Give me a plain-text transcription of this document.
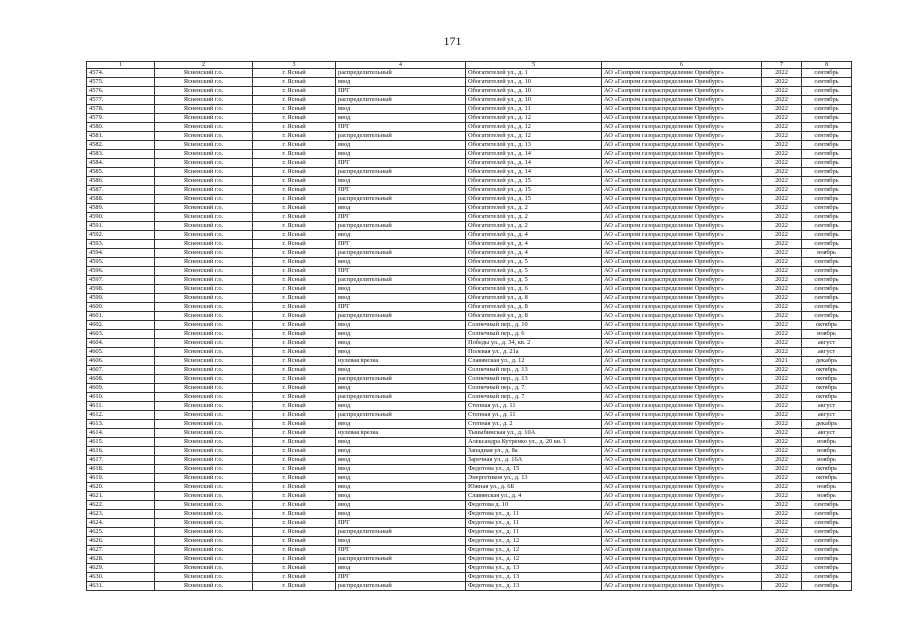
171
1	2	3	4	5	6	7	8
4574.	Ясненский г.о.	г. Ясный	распределительный	Обогатителей ул., д. 1	АО «Газпром газораспределение Оренбург»	2022	сентябрь
4575.	Ясненский г.о.	г. Ясный	ввод	Обогатителей ул., д. 10	АО «Газпром газораспределение Оренбург»	2022	сентябрь
4576.	Ясненский г.о.	г. Ясный	ПРГ	Обогатителей ул., д. 10	АО «Газпром газораспределение Оренбург»	2022	сентябрь
4577.	Ясненский г.о.	г. Ясный	распределительный	Обогатителей ул., д. 10	АО «Газпром газораспределение Оренбург»	2022	сентябрь
4578.	Ясненский г.о.	г. Ясный	ввод	Обогатителей ул., д. 11	АО «Газпром газораспределение Оренбург»	2022	сентябрь
4579.	Ясненский г.о.	г. Ясный	ввод	Обогатителей ул., д. 12	АО «Газпром газораспределение Оренбург»	2022	сентябрь
4580.	Ясненский г.о.	г. Ясный	ПРГ	Обогатителей ул., д. 12	АО «Газпром газораспределение Оренбург»	2022	сентябрь
4581.	Ясненский г.о.	г. Ясный	распределительный	Обогатителей ул., д. 12	АО «Газпром газораспределение Оренбург»	2022	сентябрь
4582.	Ясненский г.о.	г. Ясный	ввод	Обогатителей ул., д. 13	АО «Газпром газораспределение Оренбург»	2022	сентябрь
4583.	Ясненский г.о.	г. Ясный	ввод	Обогатителей ул., д. 14	АО «Газпром газораспределение Оренбург»	2022	сентябрь
4584.	Ясненский г.о.	г. Ясный	ПРГ	Обогатителей ул., д. 14	АО «Газпром газораспределение Оренбург»	2022	сентябрь
4585.	Ясненский г.о.	г. Ясный	распределительный	Обогатителей ул., д. 14	АО «Газпром газораспределение Оренбург»	2022	сентябрь
4586.	Ясненский г.о.	г. Ясный	ввод	Обогатителей ул., д. 15	АО «Газпром газораспределение Оренбург»	2022	сентябрь
4587.	Ясненский г.о.	г. Ясный	ПРГ	Обогатителей ул., д. 15	АО «Газпром газораспределение Оренбург»	2022	сентябрь
4588.	Ясненский г.о.	г. Ясный	распределительный	Обогатителей ул., д. 15	АО «Газпром газораспределение Оренбург»	2022	сентябрь
4589.	Ясненский г.о.	г. Ясный	ввод	Обогатителей ул., д. 2	АО «Газпром газораспределение Оренбург»	2022	сентябрь
4590.	Ясненский г.о.	г. Ясный	ПРГ	Обогатителей ул., д. 2	АО «Газпром газораспределение Оренбург»	2022	сентябрь
4591.	Ясненский г.о.	г. Ясный	распределительный	Обогатителей ул., д. 2	АО «Газпром газораспределение Оренбург»	2022	сентябрь
4592.	Ясненский г.о.	г. Ясный	ввод	Обогатителей ул., д. 4	АО «Газпром газораспределение Оренбург»	2022	сентябрь
4593.	Ясненский г.о.	г. Ясный	ПРГ	Обогатителей ул., д. 4	АО «Газпром газораспределение Оренбург»	2022	сентябрь
4594.	Ясненский г.о.	г. Ясный	распределительный	Обогатителей ул., д. 4	АО «Газпром газораспределение Оренбург»	2022	ноябрь
4595.	Ясненский г.о.	г. Ясный	ввод	Обогатителей ул., д. 5	АО «Газпром газораспределение Оренбург»	2022	сентябрь
4596.	Ясненский г.о.	г. Ясный	ПРГ	Обогатителей ул., д. 5	АО «Газпром газораспределение Оренбург»	2022	сентябрь
4597.	Ясненский г.о.	г. Ясный	распределительный	Обогатителей ул., д. 5	АО «Газпром газораспределение Оренбург»	2022	сентябрь
4598.	Ясненский г.о.	г. Ясный	ввод	Обогатителей ул., д. 6	АО «Газпром газораспределение Оренбург»	2022	сентябрь
4599.	Ясненский г.о.	г. Ясный	ввод	Обогатителей ул., д. 8	АО «Газпром газораспределение Оренбург»	2022	сентябрь
4600.	Ясненский г.о.	г. Ясный	ПРГ	Обогатителей ул., д. 8	АО «Газпром газораспределение Оренбург»	2022	сентябрь
4601.	Ясненский г.о.	г. Ясный	распределительный	Обогатителей ул., д. 8	АО «Газпром газораспределение Оренбург»	2022	сентябрь
4602.	Ясненский г.о.	г. Ясный	ввод	Солнечный пер., д. 10	АО «Газпром газораспределение Оренбург»	2022	октябрь
4603.	Ясненский г.о.	г. Ясный	ввод	Солнечный пер., д. 6	АО «Газпром газораспределение Оренбург»	2022	ноябрь
4604.	Ясненский г.о.	г. Ясный	ввод	Победы ул., д. 34, кв. 2	АО «Газпром газораспределение Оренбург»	2022	август
4605.	Ясненский г.о.	г. Ясный	ввод	Полевая ул., д. 21а	АО «Газпром газораспределение Оренбург»	2022	август
4606.	Ясненский г.о.	г. Ясный	нулевая врезка	Славянская ул., д. 12	АО «Газпром газораспределение Оренбург»	2021	декабрь
4607.	Ясненский г.о.	г. Ясный	ввод	Солнечный пер., д. 13	АО «Газпром газораспределение Оренбург»	2022	октябрь
4608.	Ясненский г.о.	г. Ясный	распределительный	Солнечный пер., д. 13	АО «Газпром газораспределение Оренбург»	2022	октябрь
4609.	Ясненский г.о.	г. Ясный	ввод	Солнечный пер., д. 7	АО «Газпром газораспределение Оренбург»	2022	октябрь
4610.	Ясненский г.о.	г. Ясный	распределительный	Солнечный пер., д. 7	АО «Газпром газораспределение Оренбург»	2022	октябрь
4611.	Ясненский г.о.	г. Ясный	ввод	Степная ул., д. 11	АО «Газпром газораспределение Оренбург»	2022	август
4612.	Ясненский г.о.	г. Ясный	распределительный	Степная ул., д. 11	АО «Газпром газораспределение Оренбург»	2022	август
4613.	Ясненский г.о.	г. Ясный	ввод	Степная ул., д. 2	АО «Газпром газораспределение Оренбург»	2022	декабрь
4614.	Ясненский г.о.	г. Ясный	нулевая врезка	Тыныбинская ул., д. 10А	АО «Газпром газораспределение Оренбург»	2022	август
4615.	Ясненский г.о.	г. Ясный	ввод	Александра Кутренко ул., д. 20 кв. 1	АО «Газпром газораспределение Оренбург»	2022	ноябрь
4616.	Ясненский г.о.	г. Ясный	ввод	Западная ул., д. 8а	АО «Газпром газораспределение Оренбург»	2022	ноябрь
4617.	Ясненский г.о.	г. Ясный	ввод	Заречная ул., д. 16А	АО «Газпром газораспределение Оренбург»	2022	ноябрь
4618.	Ясненский г.о.	г. Ясный	ввод	Федотова ул., д. 15	АО «Газпром газораспределение Оренбург»	2022	октябрь
4619.	Ясненский г.о.	г. Ясный	ввод	Энергетиков ул., д. 13	АО «Газпром газораспределение Оренбург»	2022	октябрь
4620.	Ясненский г.о.	г. Ясный	ввод	Южная ул., д. 6Б	АО «Газпром газораспределение Оренбург»	2022	ноябрь
4621.	Ясненский г.о.	г. Ясный	ввод	Славянская ул., д. 4	АО «Газпром газораспределение Оренбург»	2022	ноябрь
4622.	Ясненский г.о.	г. Ясный	ввод	Федотова д. 10	АО «Газпром газораспределение Оренбург»	2022	сентябрь
4623.	Ясненский г.о.	г. Ясный	ввод	Федотова ул., д. 11	АО «Газпром газораспределение Оренбург»	2022	сентябрь
4624.	Ясненский г.о.	г. Ясный	ПРГ	Федотова ул., д. 11	АО «Газпром газораспределение Оренбург»	2022	сентябрь
4625.	Ясненский г.о.	г. Ясный	распределительный	Федотова ул., д. 11	АО «Газпром газораспределение Оренбург»	2022	сентябрь
4626.	Ясненский г.о.	г. Ясный	ввод	Федотова ул., д. 12	АО «Газпром газораспределение Оренбург»	2022	сентябрь
4627.	Ясненский г.о.	г. Ясный	ПРГ	Федотова ул., д. 12	АО «Газпром газораспределение Оренбург»	2022	сентябрь
4628.	Ясненский г.о.	г. Ясный	распределительный	Федотова ул., д. 12	АО «Газпром газораспределение Оренбург»	2022	сентябрь
4629.	Ясненский г.о.	г. Ясный	ввод	Федотова ул., д. 13	АО «Газпром газораспределение Оренбург»	2022	сентябрь
4630.	Ясненский г.о.	г. Ясный	ПРГ	Федотова ул., д. 13	АО «Газпром газораспределение Оренбург»	2022	сентябрь
4631.	Ясненский г.о.	г. Ясный	распределительный	Федотова ул., д. 13	АО «Газпром газораспределение Оренбург»	2022	сентябрь
